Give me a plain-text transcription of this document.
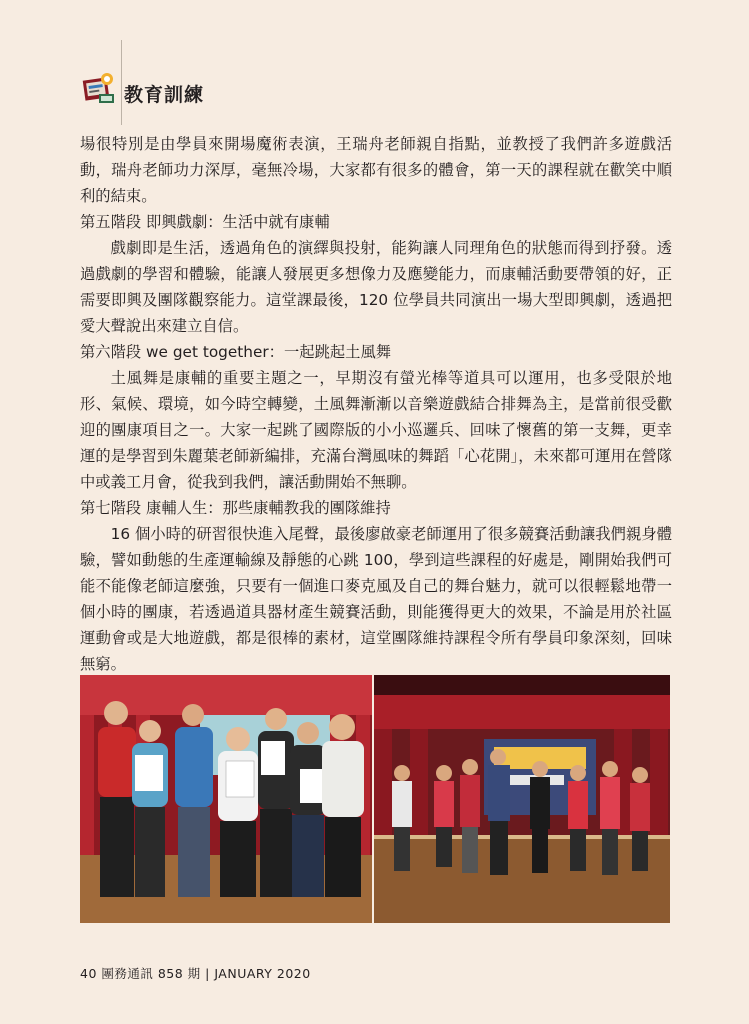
教育訓練

場很特別是由學員來開場魔術表演，王瑞舟老師親自指點，並教授了我們許多遊戲活動，瑞舟老師功力深厚，毫無冷場，大家都有很多的體會，第一天的課程就在歡笑中順利的結束。

第五階段 即興戲劇：生活中就有康輔

戲劇即是生活，透過角色的演繹與投射，能夠讓人同理角色的狀態而得到抒發。透過戲劇的學習和體驗，能讓人發展更多想像力及應變能力，而康輔活動要帶領的好，正需要即興及團隊觀察能力。這堂課最後，120 位學員共同演出一場大型即興劇，透過把愛大聲說出來建立自信。

第六階段 we get together：一起跳起土風舞

土風舞是康輔的重要主題之一，早期沒有螢光棒等道具可以運用，也多受限於地形、氣候、環境，如今時空轉變，土風舞漸漸以音樂遊戲結合排舞為主，是當前很受歡迎的團康項目之一。大家一起跳了國際版的小小巡邏兵、回味了懷舊的第一支舞，更幸運的是學習到朱麗葉老師新編排，充滿台灣風味的舞蹈「心花開」，未來都可運用在營隊中或義工月會，從我到我們，讓活動開始不無聊。

第七階段 康輔人生：那些康輔教我的團隊維持

16 個小時的研習很快進入尾聲，最後廖啟豪老師運用了很多競賽活動讓我們親身體驗，譬如動態的生產運輸線及靜態的心跳 100，學到這些課程的好處是，剛開始我們可能不能像老師這麼強，只要有一個進口麥克風及自己的舞台魅力，就可以很輕鬆地帶一個小時的團康，若透過道具器材產生競賽活動，則能獲得更大的效果，不論是用於社區運動會或是大地遊戲，都是很棒的素材，這堂團隊維持課程令所有學員印象深刻，回味無窮。

40 團務通訊 858 期 | JANUARY 2020
